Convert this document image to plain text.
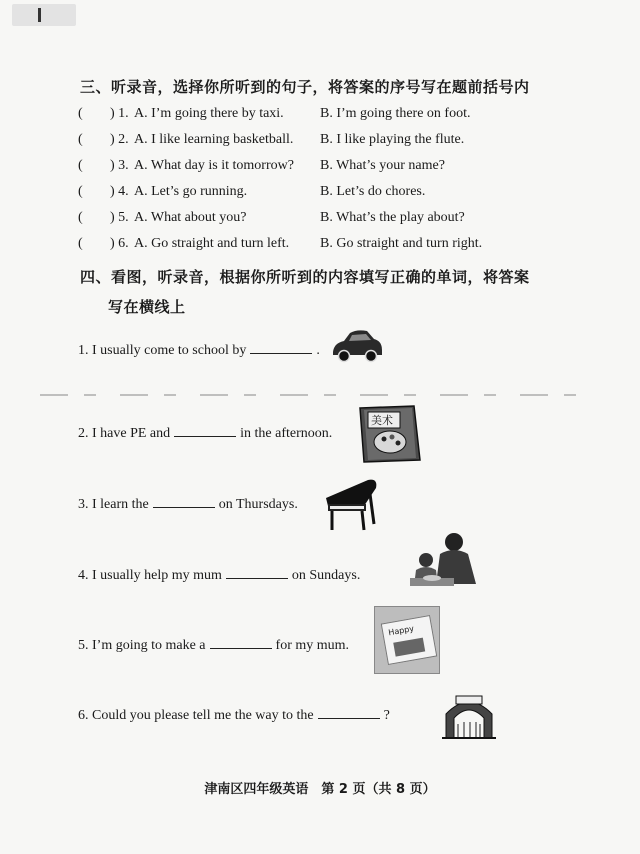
三、听录音，选择你所听到的句子，将答案的序号写在题前括号内
( ) 1. A. I’m going there by taxi.	B. I’m going there on foot.
( ) 2. A. I like learning basketball. B. I like playing the flute.
( ) 3. A. What day is it tomorrow? B. What’s your name?
( ) 4. A. Let’s go running.	B. Let’s do chores.
( ) 5. A. What about you?	B. What’s the play about?
( ) 6. A. Go straight and turn left. B. Go straight and turn right.
四、看图，听录音，根据你所听到的内容填写正确的单词，将答案
写在横线上
1. I usually come to school by	.
2. I have PE and	in the afternoon.
美术
3. I learn the	on Thursdays.
4. I usually help my mum	on Sundays.
5. I’m going to make a	for my mum.
Happy
6. Could you please tell me the way to the	?
津南区四年级英语　第 2 页（共 8 页）
